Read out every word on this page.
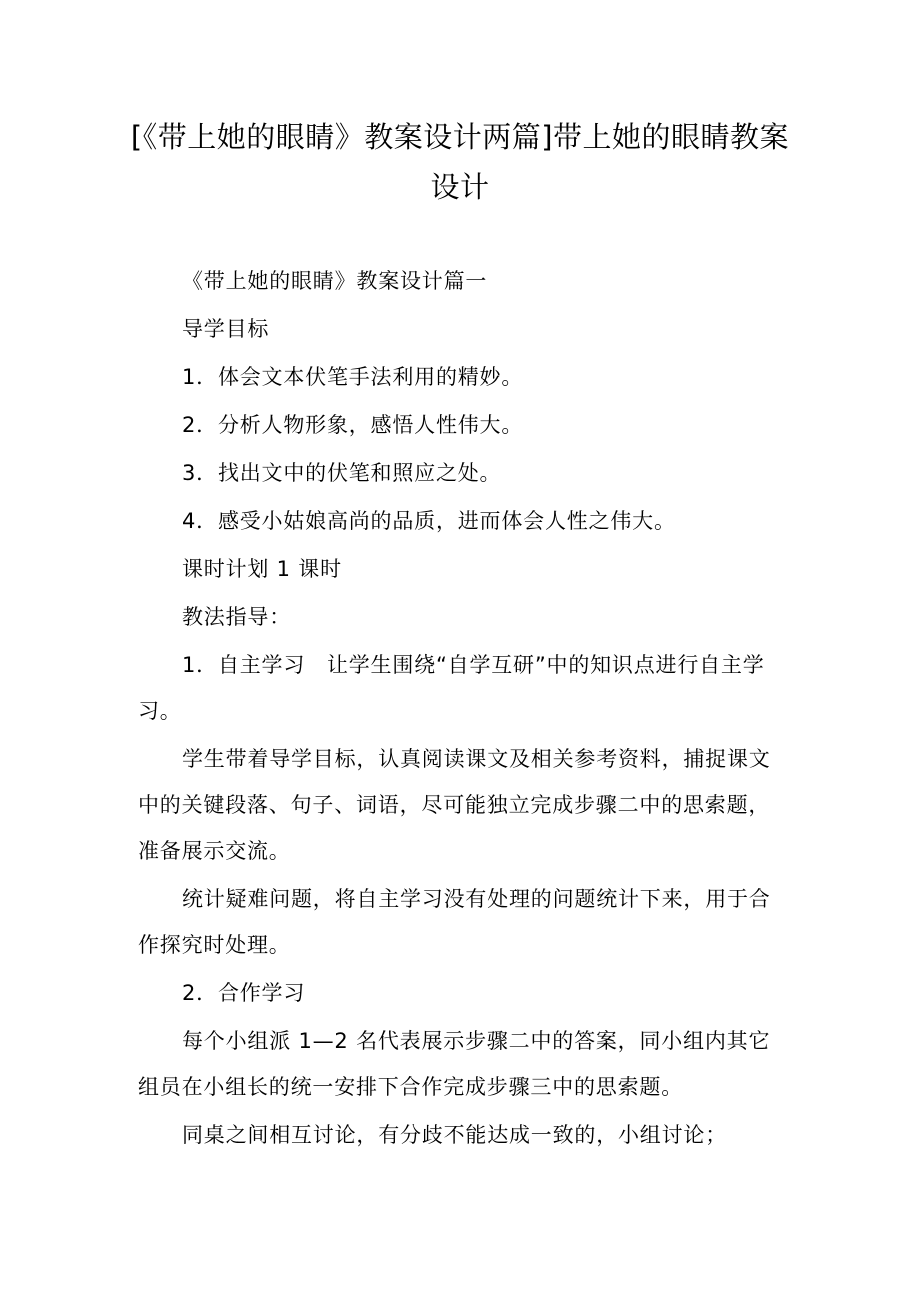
[《带上她的眼睛》教案设计两篇]带上她的眼睛教案设计

《带上她的眼睛》教案设计篇一

导学目标

1．体会文本伏笔手法利用的精妙。

2．分析人物形象，感悟人性伟大。

3．找出文中的伏笔和照应之处。

4．感受小姑娘高尚的品质，进而体会人性之伟大。

课时计划 1 课时

教法指导：

1．自主学习　让学生围绕“自学互研”中的知识点进行自主学习。

学生带着导学目标，认真阅读课文及相关参考资料，捕捉课文中的关键段落、句子、词语，尽可能独立完成步骤二中的思索题，准备展示交流。

统计疑难问题，将自主学习没有处理的问题统计下来，用于合作探究时处理。

2．合作学习

每个小组派 1—2 名代表展示步骤二中的答案，同小组内其它组员在小组长的统一安排下合作完成步骤三中的思索题。

同桌之间相互讨论，有分歧不能达成一致的，小组讨论；
